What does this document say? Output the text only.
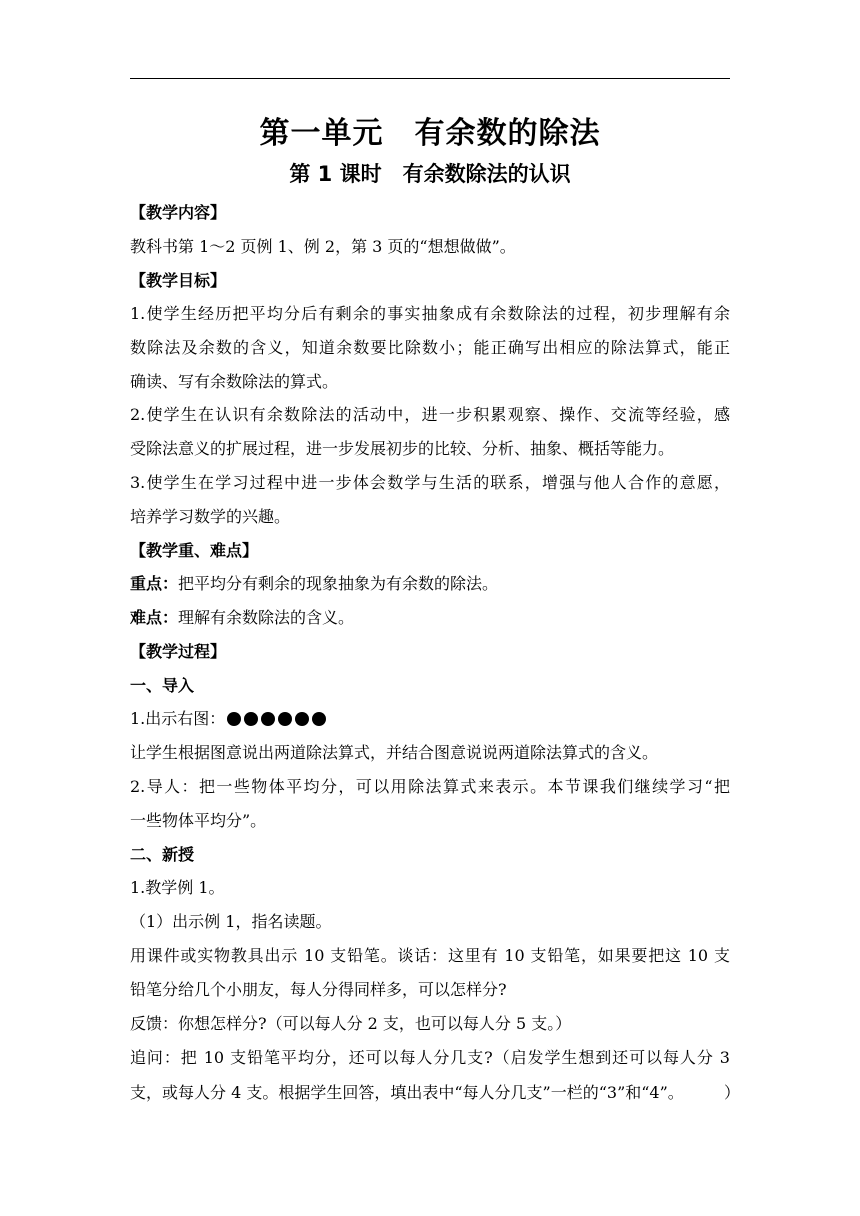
第一单元　有余数的除法
第 1 课时　有余数除法的认识
【教学内容】
教科书第 1～2 页例 1、例 2，第 3 页的“想想做做”。
【教学目标】
1.使学生经历把平均分后有剩余的事实抽象成有余数除法的过程，初步理解有余
数除法及余数的含义，知道余数要比除数小；能正确写出相应的除法算式，能正
确读、写有余数除法的算式。
2.使学生在认识有余数除法的活动中，进一步积累观察、操作、交流等经验，感
受除法意义的扩展过程，进一步发展初步的比较、分析、抽象、概括等能力。
3.使学生在学习过程中进一步体会数学与生活的联系，增强与他人合作的意愿，
培养学习数学的兴趣。
【教学重、难点】
重点：把平均分有剩余的现象抽象为有余数的除法。
难点：理解有余数除法的含义。
【教学过程】
一、导入
1.出示右图：
让学生根据图意说出两道除法算式，并结合图意说说两道除法算式的含义。
2.导人：把一些物体平均分，可以用除法算式来表示。本节课我们继续学习“把
一些物体平均分”。
二、新授
1.教学例 1。
（1）出示例 1，指名读题。
用课件或实物教具出示 10 支铅笔。谈话：这里有 10 支铅笔，如果要把这 10 支
铅笔分给几个小朋友，每人分得同样多，可以怎样分?
反馈：你想怎样分?（可以每人分 2 支，也可以每人分 5 支。）
追问：把 10 支铅笔平均分，还可以每人分几支?（启发学生想到还可以每人分 3
支，或每人分 4 支。根据学生回答，填出表中“每人分几支”一栏的“3”和“4”。	）
